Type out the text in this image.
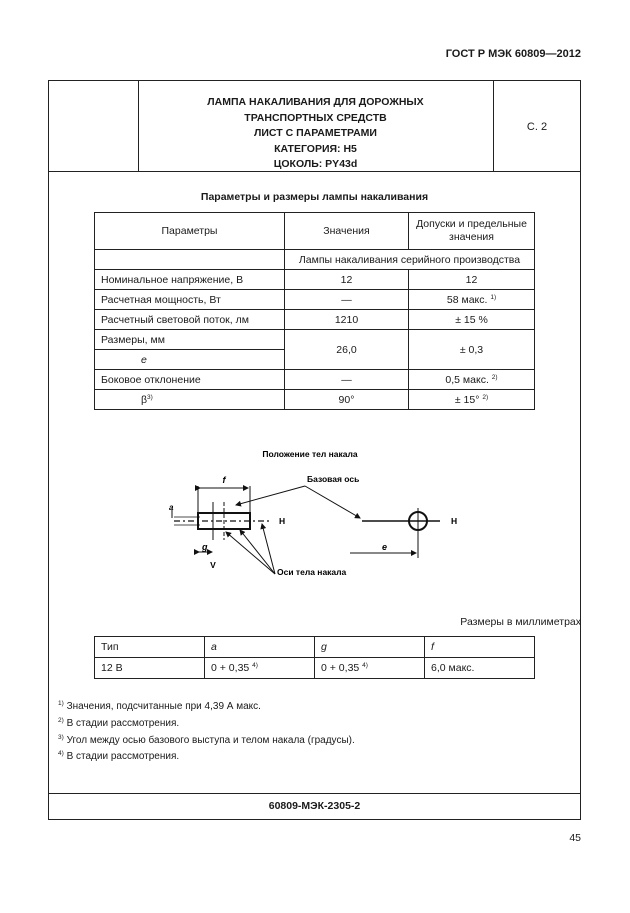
ГОСТ Р МЭК 60809—2012
ЛАМПА НАКАЛИВАНИЯ ДЛЯ ДОРОЖНЫХ
ТРАНСПОРТНЫХ СРЕДСТВ
ЛИСТ С ПАРАМЕТРАМИ
КАТЕГОРИЯ: Н5
ЦОКОЛЬ: PY43d
С. 2
Параметры и размеры лампы накаливания
Параметры	Значения	Допуски и предельные значения
	Лампы накаливания серийного производства	
Номинальное напряжение, В	12	12
Расчетная мощность, Вт	—	58 макс. $^{1)}$
Расчетный световой поток, лм	1210	± 15 %
Размеры, мм	26,0	± 0,3
e		
Боковое отклонение	—	0,5 макс. $^{2)}$
$\beta^{3)}$	90°	± 15° $^{2)}$
Положение тел накала
f
a
H
g
V
Базовая ось
H
e
Оси тела накала
Размеры в миллиметрах
Тип	a	g	f
12 В	0 + 0,35 $^{4)}$	0 + 0,35 $^{4)}$	6,0 макс.
$^{1)}$ Значения, подсчитанные при 4,39 А макс.
$^{2)}$ В стадии рассмотрения.
$^{3)}$ Угол между осью базового выступа и телом накала (градусы).
$^{4)}$ В стадии рассмотрения.
60809-МЭК-2305-2
45
